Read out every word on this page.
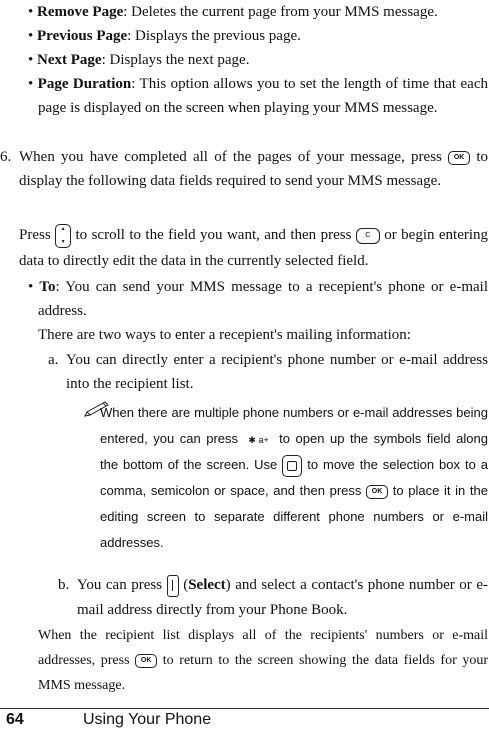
• Remove Page: Deletes the current page from your MMS message.
• Previous Page: Displays the previous page.
• Next Page: Displays the next page.
• Page Duration: This option allows you to set the length of time that each page is displayed on the screen when playing your MMS message.
6. When you have completed all of the pages of your message, press OK to display the following data fields required to send your MMS message.
Press ▲ ▼ to scroll to the field you want, and then press C or begin entering data to directly edit the data in the currently selected field.
• To: You can send your MMS message to a recepient's phone or e-mail address.
There are two ways to enter a recepient's mailing information:
a. You can directly enter a recipient's phone number or e-mail address into the recipient list.
When there are multiple phone numbers or e-mail addresses being entered, you can press ✱ a+ to open up the symbols field along the bottom of the screen. Use to move the selection box to a comma, semicolon or space, and then press OK to place it in the editing screen to separate different phone numbers or e-mail addresses.
b. You can press  (Select) and select a contact's phone number or e-mail address directly from your Phone Book.
When the recipient list displays all of the recipients' numbers or e-mail addresses, press OK to return to the screen showing the data fields for your MMS message.
64	Using Your Phone
